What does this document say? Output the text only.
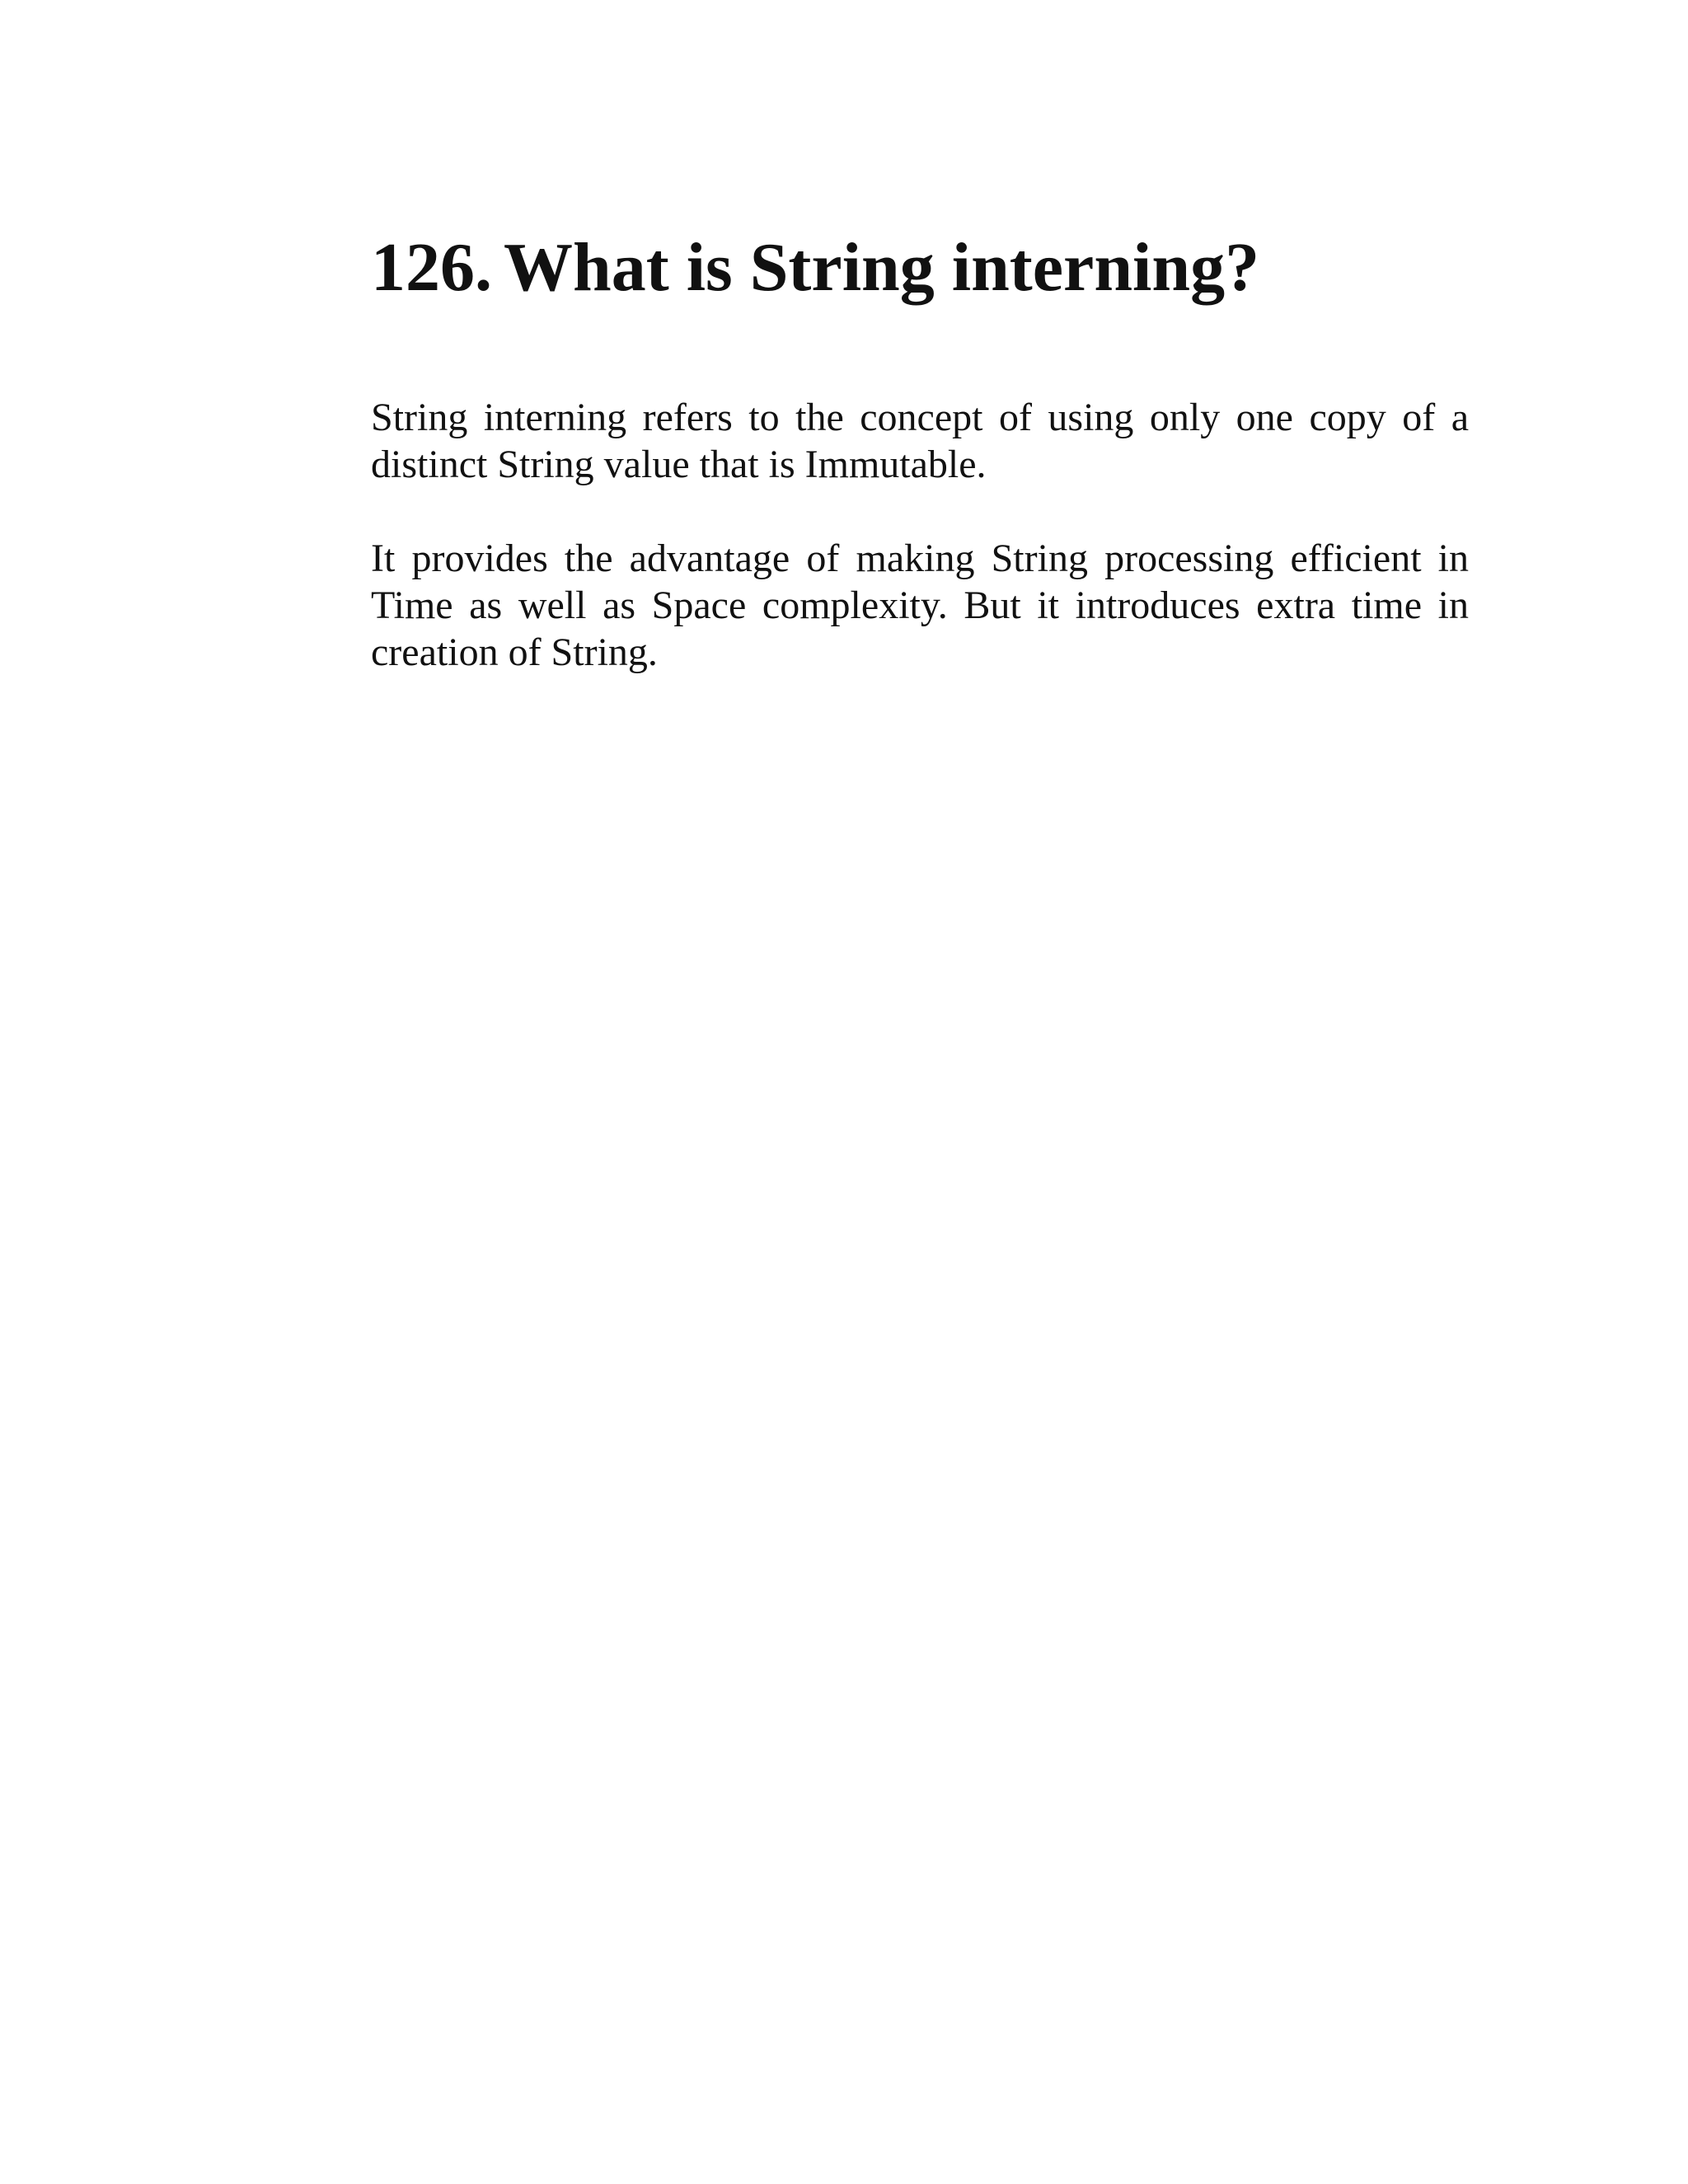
126. What is String interning?

String interning refers to the concept of using only one copy of a distinct String value that is Immutable.

It provides the advantage of making String processing efficient in Time as well as Space complexity. But it introduces extra time in creation of String.
